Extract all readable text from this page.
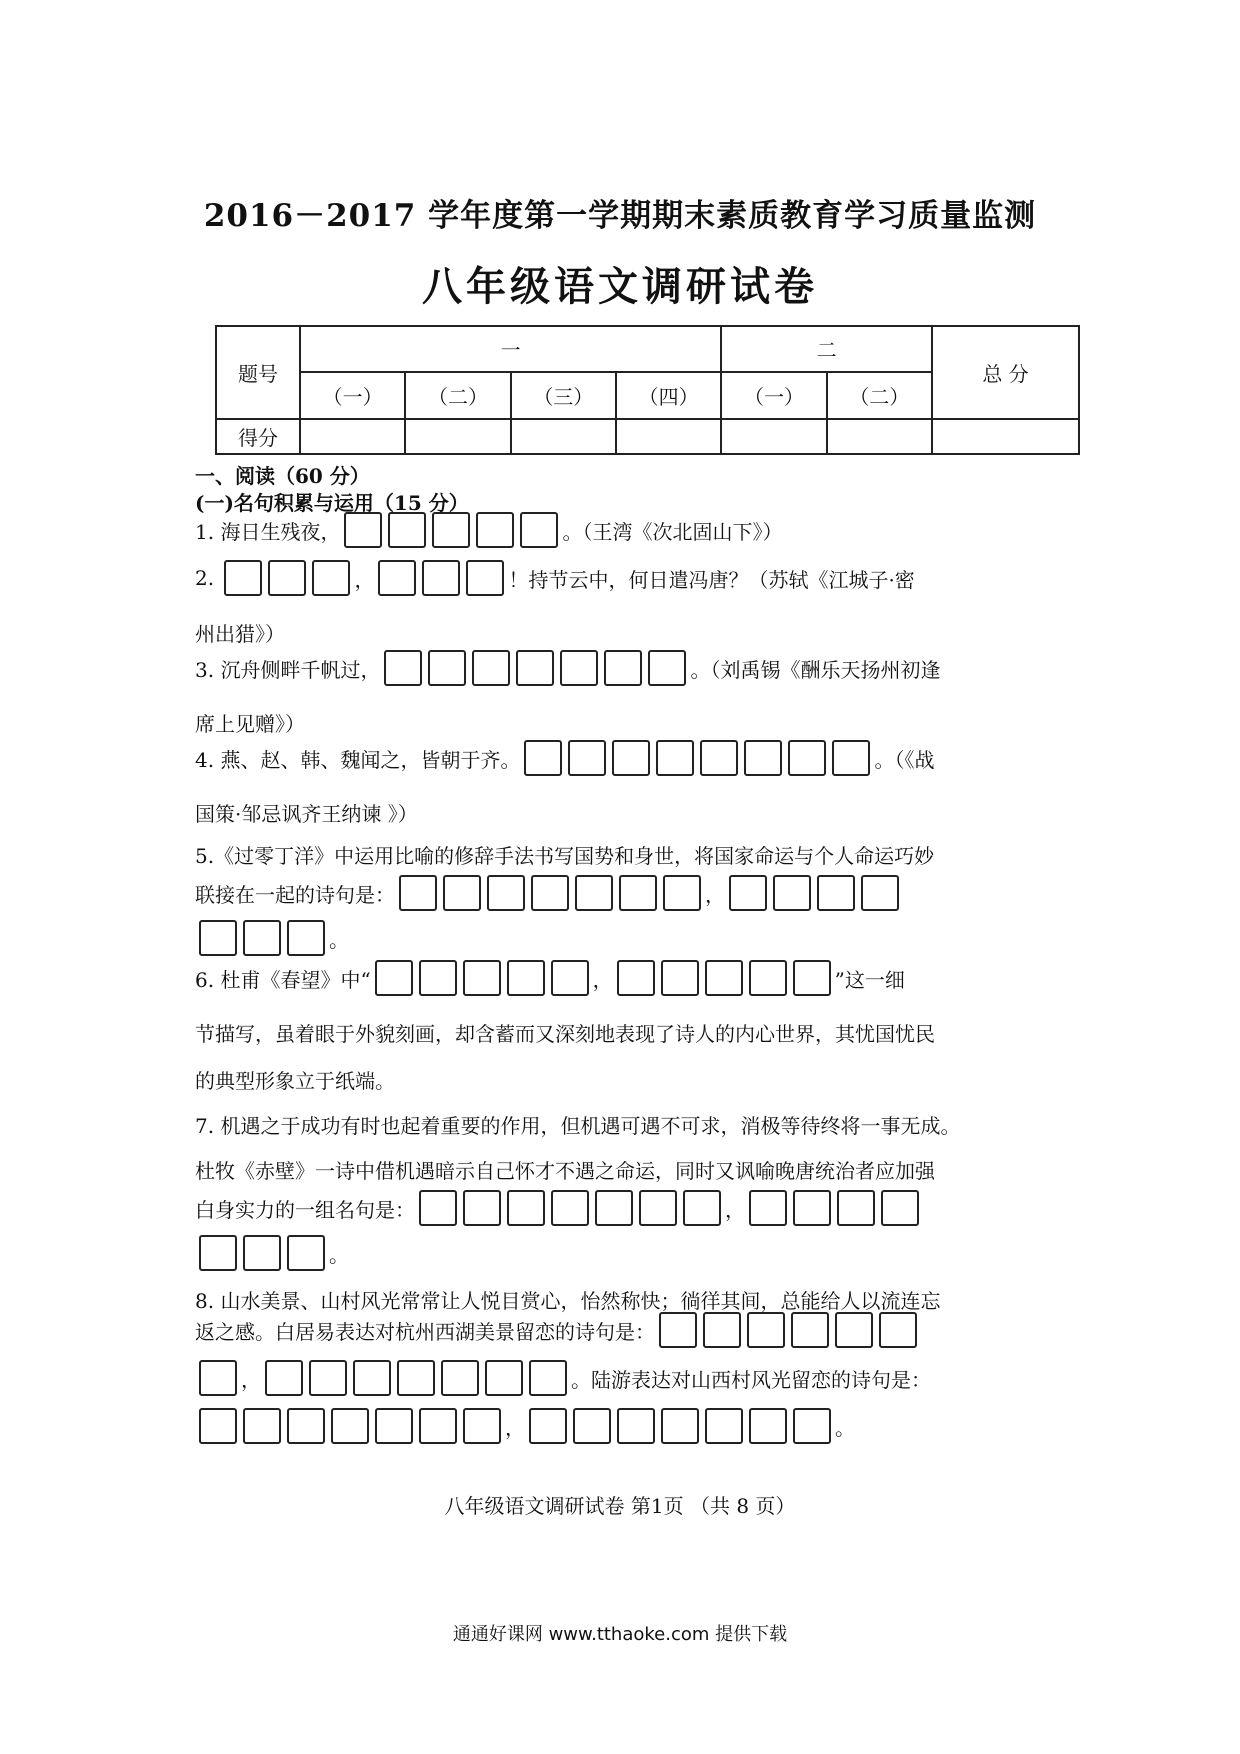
2016－2017 学年度第一学期期末素质教育学习质量监测
八年级语文调研试卷
题号	一				二		总 分
	（一）	（二）	（三）	（四）	（一）	（二）	
得分							
一、阅读（60 分）
(一)名句积累与运用（15 分）
1. 海日生残夜，	。（王湾《次北固山下》）
2.	，	！持节云中，何日遣冯唐？（苏轼《江城子·密
州出猎》）
3. 沉舟侧畔千帆过，	。（刘禹锡《酬乐天扬州初逢
席上见赠》）
4. 燕、赵、韩、魏闻之，皆朝于齐。	。（《战
国策·邹忌讽齐王纳谏 》）
5.《过零丁洋》中运用比喻的修辞手法书写国势和身世，将国家命运与个人命运巧妙
联接在一起的诗句是：	，
。
6. 杜甫《春望》中“	，	”这一细
节描写，虽着眼于外貌刻画，却含蓄而又深刻地表现了诗人的内心世界，其忧国忧民
的典型形象立于纸端。
7. 机遇之于成功有时也起着重要的作用，但机遇可遇不可求，消极等待终将一事无成。
杜牧《赤壁》一诗中借机遇暗示自己怀才不遇之命运，同时又讽喻晚唐统治者应加强
白身实力的一组名句是：	，
。
8. 山水美景、山村风光常常让人悦目赏心，怡然称快；徜徉其间，总能给人以流连忘
返之感。白居易表达对杭州西湖美景留恋的诗句是：
，	。陆游表达对山西村风光留恋的诗句是：
，	。
八年级语文调研试卷 第1页 （共 8 页）
通通好课网 www.tthaoke.com 提供下载
